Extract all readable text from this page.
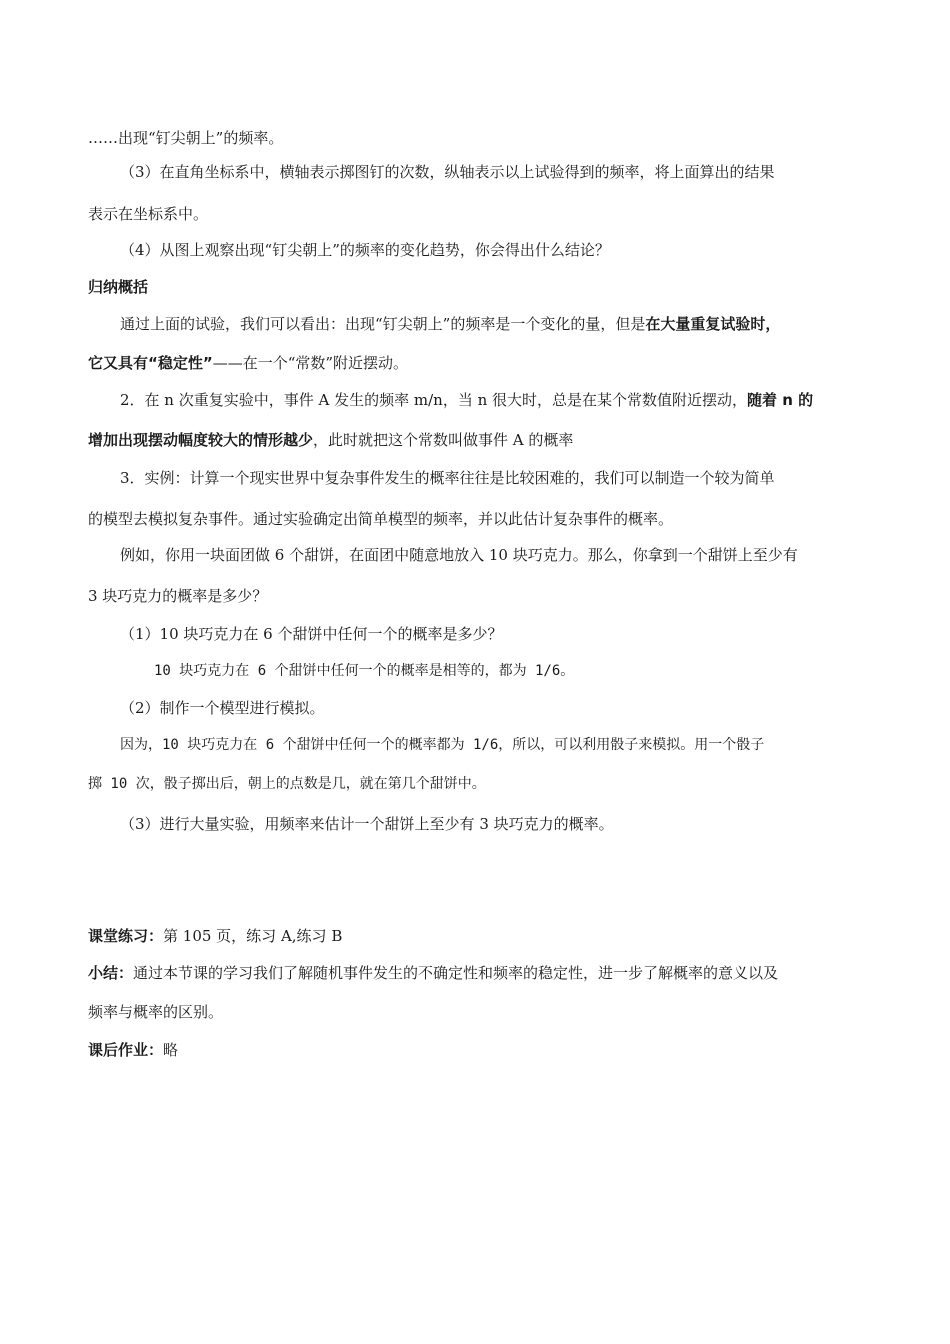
……出现“钉尖朝上”的频率。
（3）在直角坐标系中，横轴表示掷图钉的次数，纵轴表示以上试验得到的频率，将上面算出的结果
表示在坐标系中。
（4）从图上观察出现“钉尖朝上”的频率的变化趋势，你会得出什么结论？
归纳概括
通过上面的试验，我们可以看出：出现“钉尖朝上”的频率是一个变化的量，但是在大量重复试验时，
它又具有“稳定性”——在一个“常数”附近摆动。
2．在 n 次重复实验中，事件 A 发生的频率 m/n，当 n 很大时，总是在某个常数值附近摆动，随着 n 的
增加出现摆动幅度较大的情形越少，此时就把这个常数叫做事件 A 的概率
3．实例：计算一个现实世界中复杂事件发生的概率往往是比较困难的，我们可以制造一个较为简单
的模型去模拟复杂事件。通过实验确定出简单模型的频率，并以此估计复杂事件的概率。
例如，你用一块面团做 6 个甜饼，在面团中随意地放入 10 块巧克力。那么，你拿到一个甜饼上至少有
3 块巧克力的概率是多少？
（1）10 块巧克力在 6 个甜饼中任何一个的概率是多少？
10 块巧克力在 6 个甜饼中任何一个的概率是相等的，都为 1/6。
（2）制作一个模型进行模拟。
因为，10 块巧克力在 6 个甜饼中任何一个的概率都为 1/6，所以，可以利用骰子来模拟。用一个骰子
掷 10 次，骰子掷出后，朝上的点数是几，就在第几个甜饼中。
（3）进行大量实验，用频率来估计一个甜饼上至少有 3 块巧克力的概率。
课堂练习：第 105 页，练习 A,练习 B
小结：通过本节课的学习我们了解随机事件发生的不确定性和频率的稳定性，进一步了解概率的意义以及
频率与概率的区别。
课后作业：略
